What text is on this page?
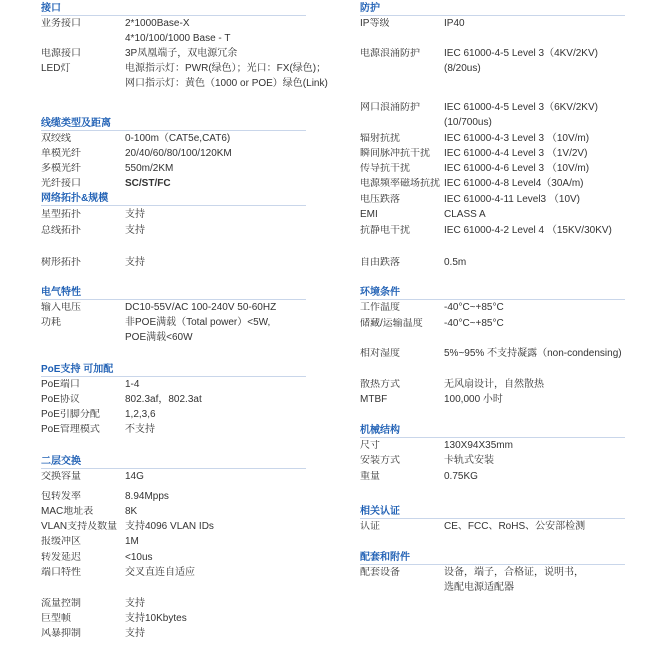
接口
业务接口	2*1000Base-X
4*10/100/1000 Base - T
电源接口	3P凤凰端子，双电源冗余
LED灯	电源指示灯：PWR(绿色）；光口：FX(绿色)；
网口指示灯：黄色（1000 or POE）绿色(Link)
线缆类型及距离
双绞线	0-100m（CAT5e,CAT6)
单模光纤	20/40/60/80/100/120KM
多模光纤	550m/2KM
光纤接口	SC/ST/FC
网络拓扑&规模
星型拓扑	支持
总线拓扑	支持
树形拓扑	支持
电气特性
输入电压	DC10-55V/AC 100-240V 50-60HZ
功耗	非POE满载（Total power）<5W,
POE满载<60W
PoE支持 可加配
PoE端口	1-4
PoE协议	802.3af，802.3at
PoE引脚分配	1,2,3,6
PoE管理模式	不支持
二层交换
交换容量	14G
包转发率	8.94Mpps
MAC地址表	8K
VLAN支持及数量 支持4096 VLAN IDs
报缓冲区	1M
转发延迟	<10us
端口特性	交叉直连自适应
流量控制	支持
巨型帧	支持10Kbytes
风暴抑制	支持
防护
IP等级	IP40
电源浪涌防护	IEC 61000-4-5 Level 3（4KV/2KV)
(8/20us)
网口浪涌防护	IEC 61000-4-5 Level 3（6KV/2KV)
(10/700us)
辐射抗扰	IEC 61000-4-3 Level 3 （10V/m)
瞬间脉冲抗干扰	IEC 61000-4-4 Level 3 （1V/2V)
传导抗干扰	IEC 61000-4-6 Level 3 （10V/m)
电源频率磁场抗扰 IEC 61000-4-8 Level4（30A/m)
电压跌落	IEC 61000-4-11 Level3 （10V)
EMI	CLASS A
抗静电干扰	IEC 61000-4-2 Level 4 （15KV/30KV)
自由跌落	0.5m
环境条件
工作温度	-40°C~+85°C
储藏/运输温度	-40°C~+85°C
相对湿度	5%~95% 不支持凝露（non-condensing)
散热方式	无风扇设计，自然散热
MTBF	100,000 小时
机械结构
尺寸	130X94X35mm
安装方式	卡轨式安装
重量	0.75KG
相关认证
认证	CE、FCC、RoHS、公安部检测
配套和附件
配套设备	设备，端子，合格证，说明书，
选配电源适配器
